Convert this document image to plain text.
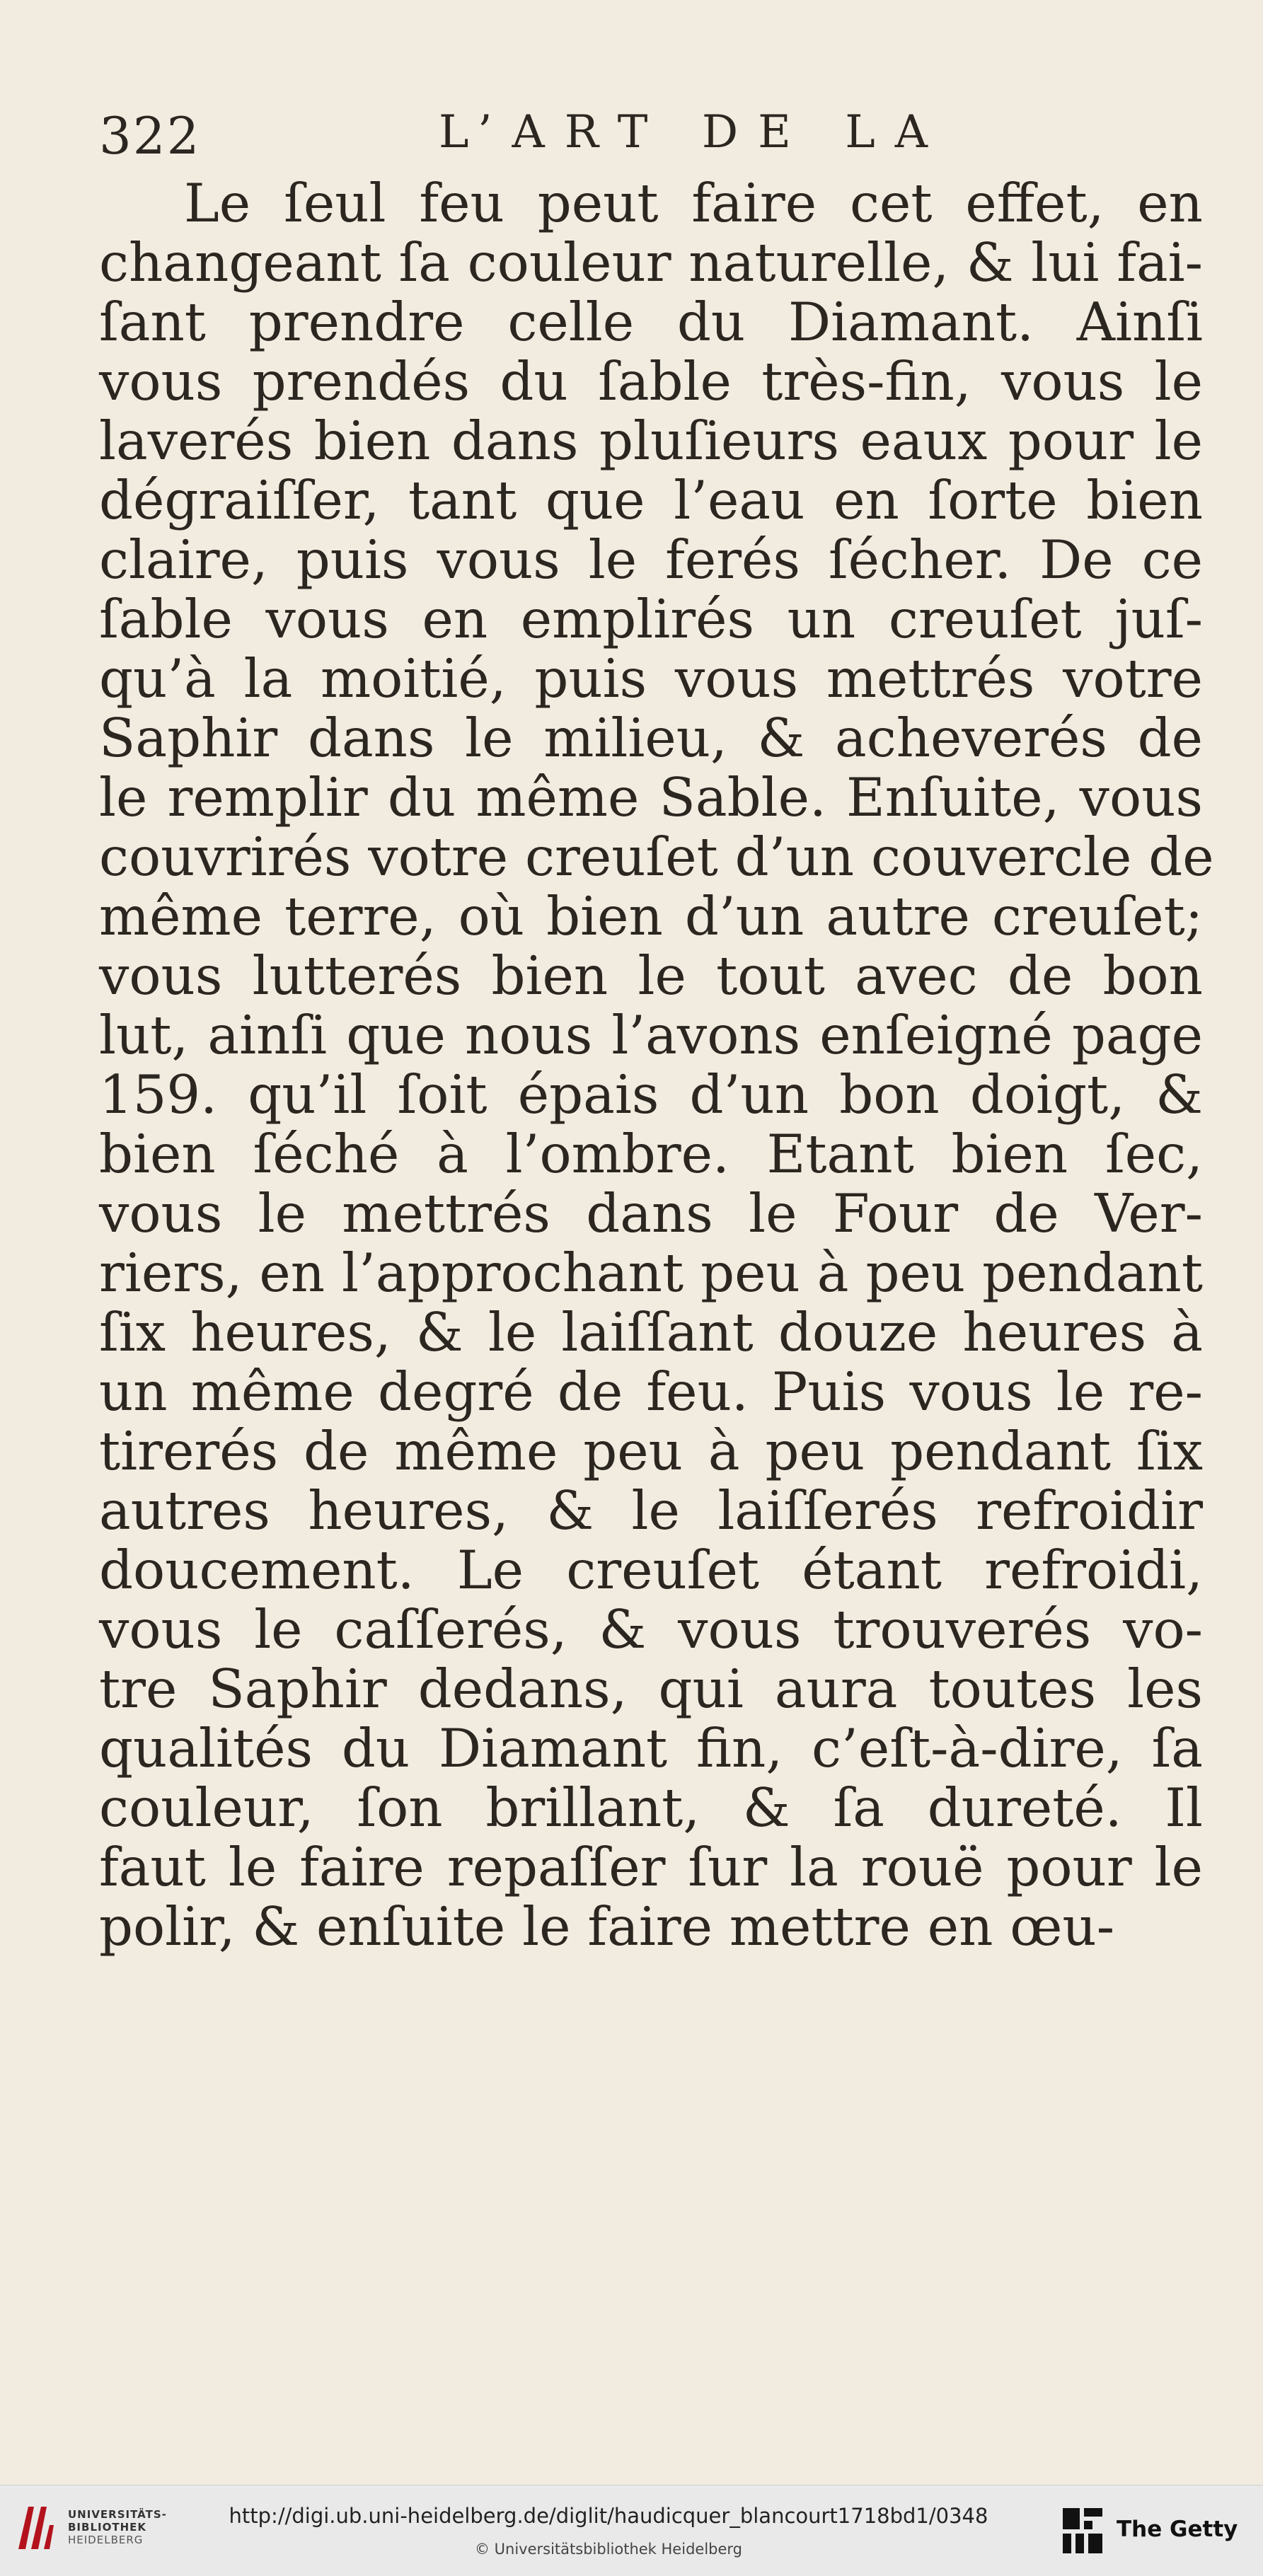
322	L’ART DE LA
Le ſeul feu peut faire cet effet, en
changeant ſa couleur naturelle, & lui fai-
ſant prendre celle du Diamant. Ainſi
vous prendés du ſable très-fin, vous le
laverés bien dans pluſieurs eaux pour le
dégraiſſer, tant que l’eau en ſorte bien
claire, puis vous le ferés ſécher. De ce
ſable vous en emplirés un creuſet juſ-
qu’à la moitié, puis vous mettrés votre
Saphir dans le milieu, & acheverés de
le remplir du même Sable. Enſuite, vous
couvrirés votre creuſet d’un couvercle de
même terre, où bien d’un autre creuſet;
vous lutterés bien le tout avec de bon
lut, ainſi que nous l’avons enſeigné page
159. qu’il ſoit épais d’un bon doigt, &
bien ſéché à l’ombre. Etant bien ſec,
vous le mettrés dans le Four de Ver-
riers, en l’approchant peu à peu pendant
ſix heures, & le laiſſant douze heures à
un même degré de feu. Puis vous le re-
tirerés de même peu à peu pendant ſix
autres heures, & le laiſſerés refroidir
doucement. Le creuſet étant refroidi,
vous le caſſerés, & vous trouverés vo-
tre Saphir dedans, qui aura toutes les
qualités du Diamant fin, c’eſt-à-dire, ſa
couleur, ſon brillant, & ſa dureté. Il
faut le faire repaſſer ſur la rouë pour le
polir, & enſuite le faire mettre en œu-
UNIVERSITÄTS-
BIBLIOTHEK
HEIDELBERG
http://digi.ub.uni-heidelberg.de/diglit/haudicquer_blancourt1718bd1/0348
© Universitätsbibliothek Heidelberg
The Getty
